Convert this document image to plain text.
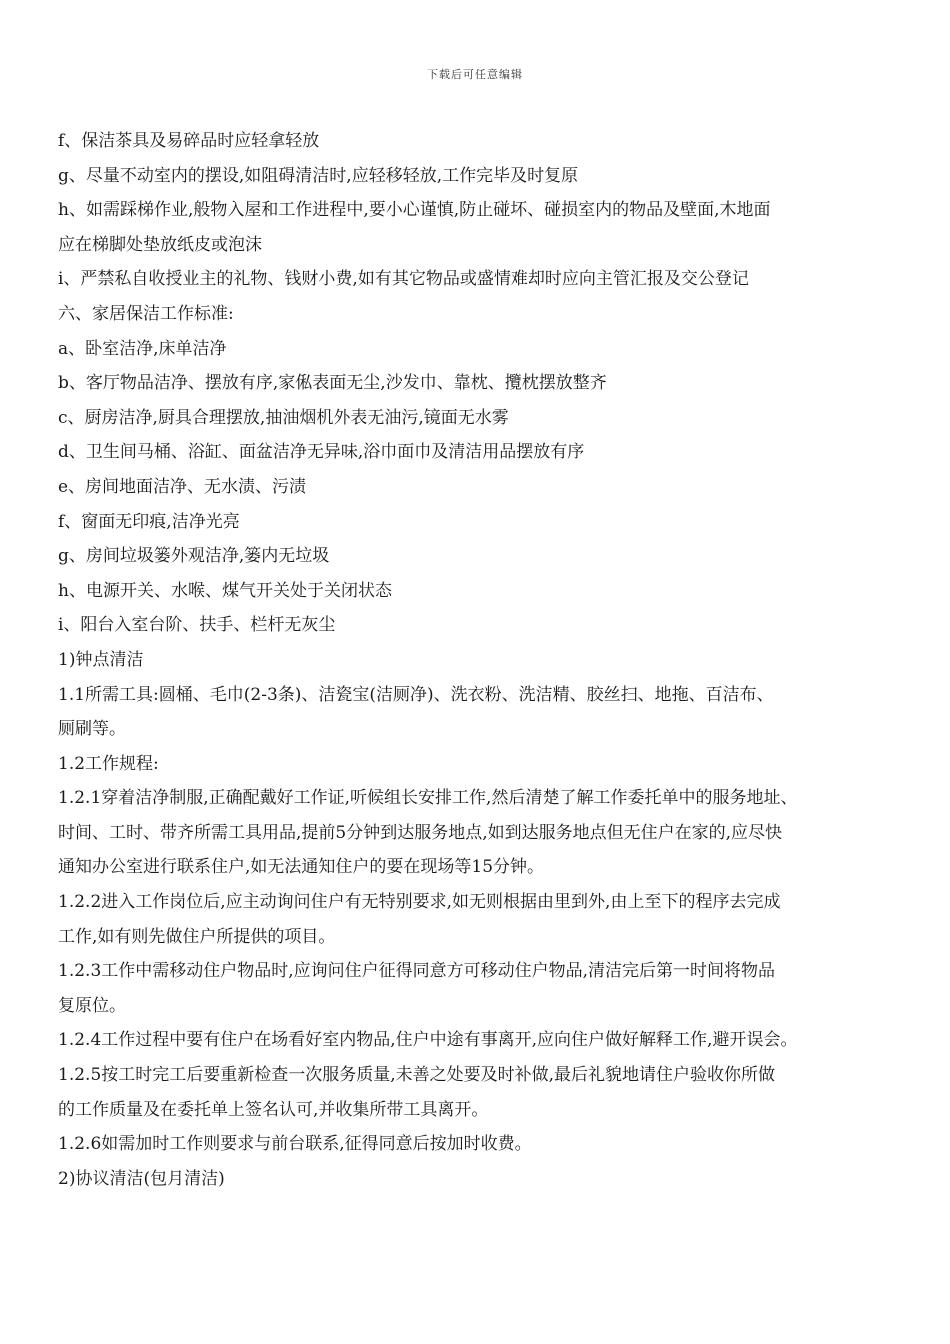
下载后可任意编辑
f、保洁茶具及易碎品时应轻拿轻放
g、尽量不动室内的摆设,如阻碍清洁时,应轻移轻放,工作完毕及时复原
h、如需踩梯作业,般物入屋和工作进程中,要小心谨慎,防止碰坏、碰损室内的物品及壁面,木地面
应在梯脚处垫放纸皮或泡沫
i、严禁私自收授业主的礼物、钱财小费,如有其它物品或盛情难却时应向主管汇报及交公登记
六、家居保洁工作标准:
a、卧室洁净,床单洁净
b、客厅物品洁净、摆放有序,家俬表面无尘,沙发巾、靠枕、攬枕摆放整齐
c、厨房洁净,厨具合理摆放,抽油烟机外表无油污,镜面无水雾
d、卫生间马桶、浴缸、面盆洁净无异味,浴巾面巾及清洁用品摆放有序
e、房间地面洁净、无水渍、污渍
f、窗面无印痕,洁净光亮
g、房间垃圾篓外观洁净,篓内无垃圾
h、电源开关、水喉、煤气开关处于关闭状态
i、阳台入室台阶、扶手、栏杆无灰尘
1)钟点清洁
1.1所需工具:圆桶、毛巾(2-3条)、洁瓷宝(洁厕净)、洗衣粉、洗洁精、胶丝扫、地拖、百洁布、
厕刷等。
1.2工作规程:
1.2.1穿着洁净制服,正确配戴好工作证,听候组长安排工作,然后清楚了解工作委托单中的服务地址、
时间、工时、带齐所需工具用品,提前5分钟到达服务地点,如到达服务地点但无住户在家的,应尽快
通知办公室进行联系住户,如无法通知住户的要在现场等15分钟。
1.2.2进入工作岗位后,应主动询问住户有无特别要求,如无则根据由里到外,由上至下的程序去完成
工作,如有则先做住户所提供的项目。
1.2.3工作中需移动住户物品时,应询问住户征得同意方可移动住户物品,清洁完后第一时间将物品
复原位。
1.2.4工作过程中要有住户在场看好室内物品,住户中途有事离开,应向住户做好解释工作,避开误会。
1.2.5按工时完工后要重新检查一次服务质量,未善之处要及时补做,最后礼貌地请住户验收你所做
的工作质量及在委托单上签名认可,并收集所带工具离开。
1.2.6如需加时工作则要求与前台联系,征得同意后按加时收费。
2)协议清洁(包月清洁)
